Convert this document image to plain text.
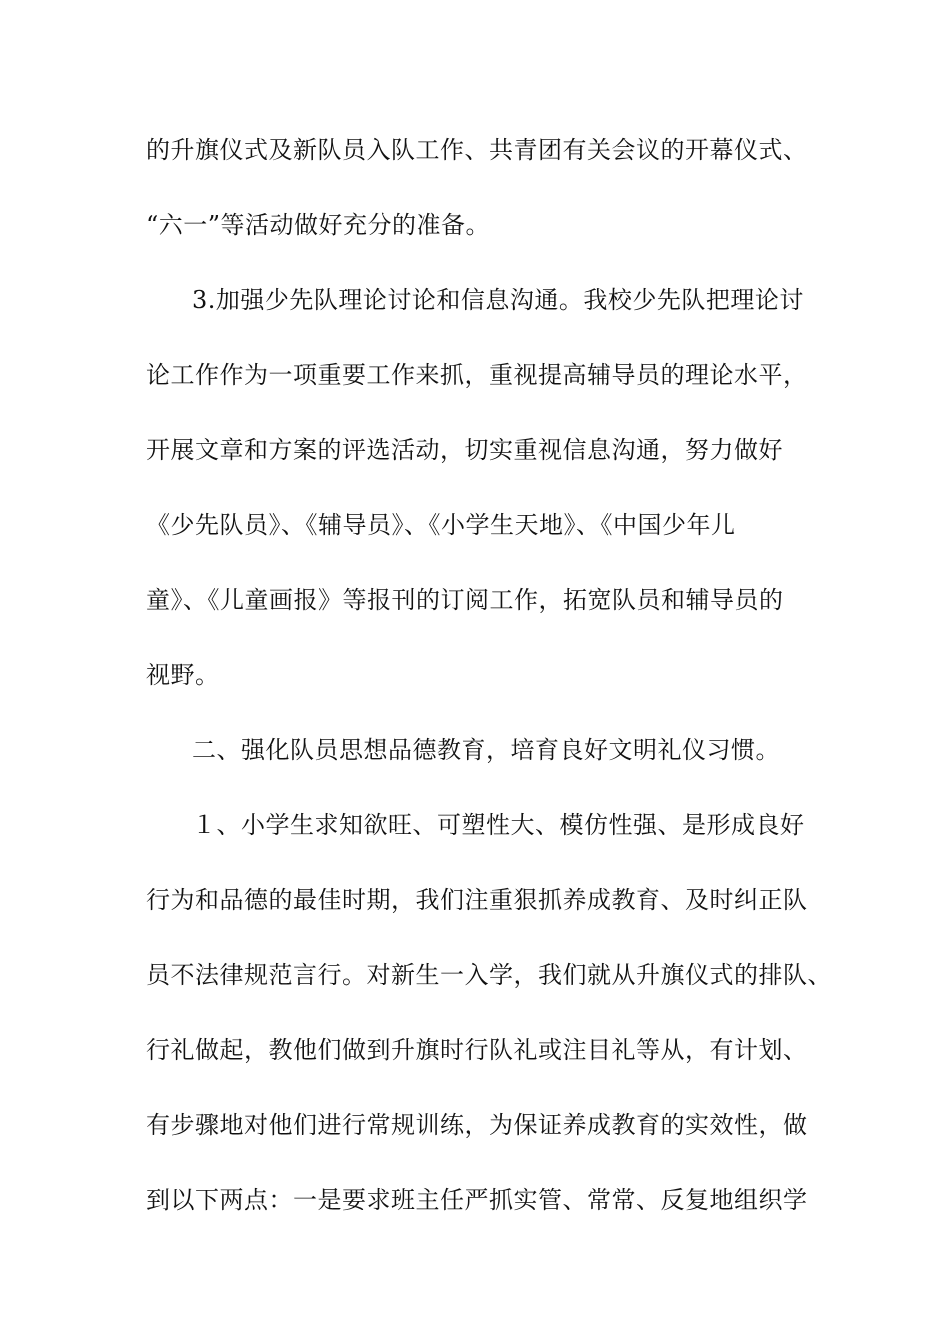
的升旗仪式及新队员入队工作、共青团有关会议的开幕仪式、
“六一”等活动做好充分的准备。
3.加强少先队理论讨论和信息沟通。我校少先队把理论讨
论工作作为一项重要工作来抓，重视提高辅导员的理论水平，
开展文章和方案的评选活动，切实重视信息沟通，努力做好
《少先队员》、《辅导员》、《小学生天地》、《中国少年儿
童》、《儿童画报》等报刊的订阅工作，拓宽队员和辅导员的
视野。
二、强化队员思想品德教育，培育良好文明礼仪习惯。
１、小学生求知欲旺、可塑性大、模仿性强、是形成良好
行为和品德的最佳时期，我们注重狠抓养成教育、及时纠正队
员不法律规范言行。对新生一入学，我们就从升旗仪式的排队、
行礼做起，教他们做到升旗时行队礼或注目礼等从，有计划、
有步骤地对他们进行常规训练，为保证养成教育的实效性，做
到以下两点：一是要求班主任严抓实管、常常、反复地组织学
